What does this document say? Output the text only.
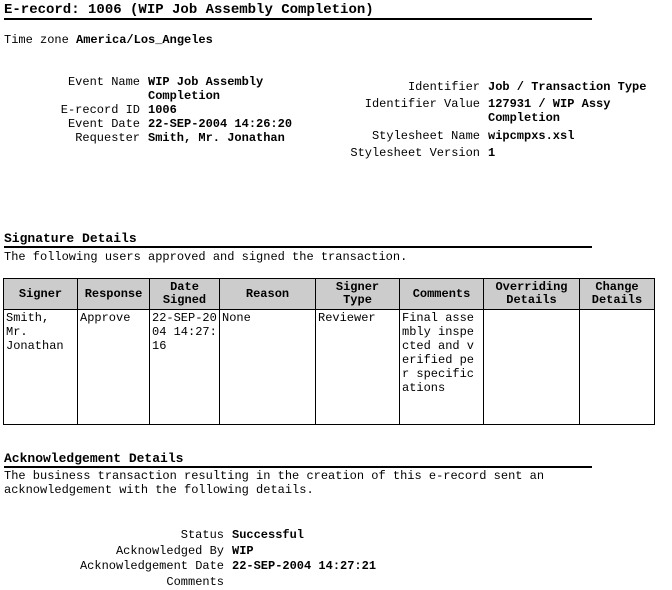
E-record: 1006 (WIP Job Assembly Completion)
Time zone America/Los_Angeles
Event Name	WIP Job Assembly Completion
E-record ID	1006
Event Date	22-SEP-2004 14:26:20
Requester	Smith, Mr. Jonathan
Identifier	Job / Transaction Type
Identifier Value	127931 / WIP Assy Completion
Stylesheet Name	wipcmpxs.xsl
Stylesheet Version	1
Signature Details
The following users approved and signed the transaction.
Signer	Response	Date Signed	Reason	Signer Type	Comments	Overriding Details	Change Details
Smith, Mr. Jonathan	Approve	22-SEP-2004 14:27:16	None	Reviewer	Final assembly inspected and verified per specifications		
Acknowledgement Details
The business transaction resulting in the creation of this e-record sent an acknowledgement with the following details.
Status	Successful
Acknowledged By	WIP
Acknowledgement Date	22-SEP-2004 14:27:21
Comments	
